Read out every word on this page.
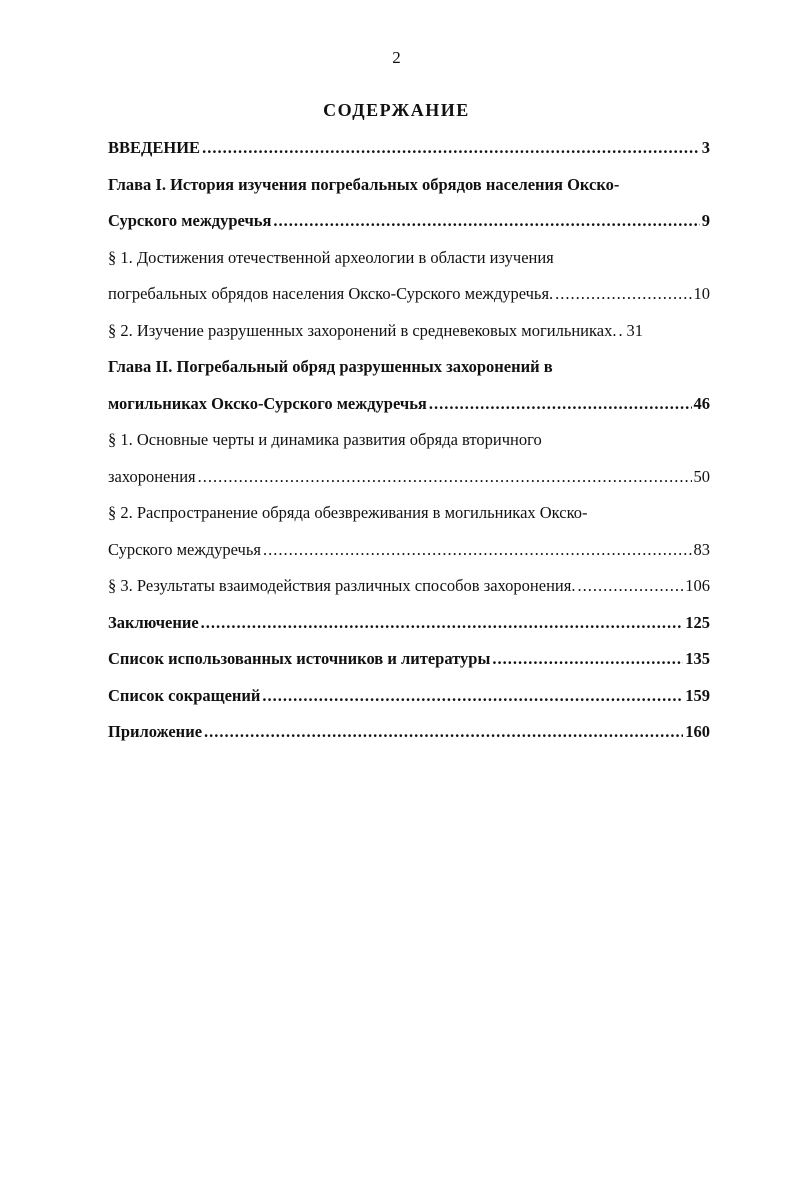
2
СОДЕРЖАНИЕ
ВВЕДЕНИЕ .....	3
Глава I. История изучения погребальных обрядов населения Окско-
Сурского междуречья .....	9
§ 1. Достижения отечественной археологии в области изучения
погребальных обрядов населения Окско-Сурского междуречья. .....	10
§ 2. Изучение разрушенных захоронений в средневековых могильниках. ..... 31
Глава II. Погребальный обряд разрушенных захоронений в
могильниках Окско-Сурского междуречья .....	46
§ 1. Основные черты и динамика развития обряда вторичного
захоронения .....	50
§ 2. Распространение обряда обезвреживания в могильниках Окско-
Сурского междуречья .....	83
§ 3. Результаты взаимодействия различных способов захоронения. .....	106
Заключение .....	125
Список использованных источников и литературы .....	135
Список сокращений .....	159
Приложение .....	160
